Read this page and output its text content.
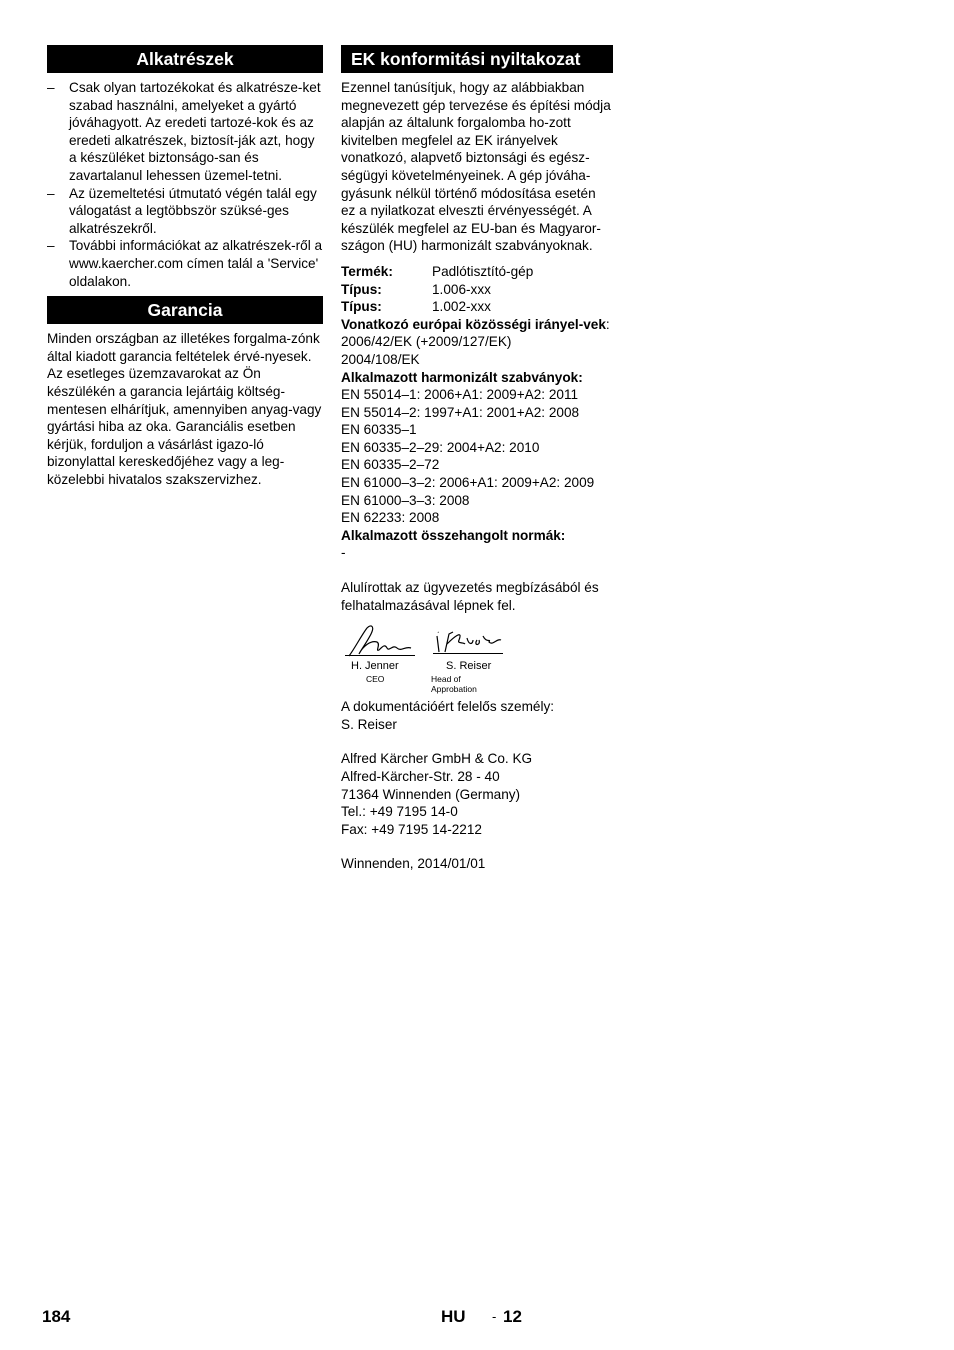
Alkatrészek
–	Csak olyan tartozékokat és alkatrésze-ket szabad használni, amelyeket a gyártó jóváhagyott. Az eredeti tartozé-kok és az eredeti alkatrészek, biztosít-ják azt, hogy a készüléket biztonságo-san és zavartalanul lehessen üzemel-tetni.
–	Az üzemeltetési útmutató végén talál egy válogatást a legtöbbször szüksé-ges alkatrészekről.
–	További információkat az alkatrészek-ről a www.kaercher.com címen talál a 'Service' oldalakon.
Garancia

Minden országban az illetékes forgalma-zónk által kiadott garancia feltételek érvé-nyesek. Az esetleges üzemzavarokat az Ön készülékén a garancia lejártáig költség-mentesen elhárítjuk, amennyiben anyag-vagy gyártási hiba az oka. Garanciális esetben kérjük, forduljon a vásárlást igazo-ló bizonylattal kereskedőjéhez vagy a leg-közelebbi hivatalos szakszervizhez.

EK konformitási nyiltakozat

Ezennel tanúsítjuk, hogy az alábbiakban megnevezett gép tervezése és építési módja alapján az általunk forgalomba ho-zott kivitelben megfelel az EK irányelvek vonatkozó, alapvető biztonsági és egész-ségügyi követelményeinek. A gép jóváha-gyásunk nélkül történő módosítása esetén ez a nyilatkozat elveszti érvényességét. A készülék megfelel az EU-ban és Magyaror-szágon (HU) harmonizált szabványoknak.

Termék:	Padlótisztító-gép
Típus:	1.006-xxx
Típus:	1.002-xxx

Vonatkozó európai közösségi irányel-vek:

2006/42/EK (+2009/127/EK)

2004/108/EK

Alkalmazott harmonizált szabványok:

EN 55014–1: 2006+A1: 2009+A2: 2011

EN 55014–2: 1997+A1: 2001+A2: 2008

EN 60335–1

EN 60335–2–29: 2004+A2: 2010

EN 60335–2–72

EN 61000–3–2: 2006+A1: 2009+A2: 2009

EN 61000–3–3: 2008

EN 62233: 2008

Alkalmazott összehangolt normák:

-

Alulírottak az ügyvezetés megbízásából és felhatalmazásával lépnek fel.

H. Jenner
CEO
S. Reiser
Head of Approbation

A dokumentációért felelős személy:

S. Reiser

Alfred Kärcher GmbH & Co. KG

Alfred-Kärcher-Str. 28 - 40

71364 Winnenden (Germany)

Tel.: +49 7195 14-0

Fax: +49 7195 14-2212

Winnenden, 2014/01/01

184	HU - 12
